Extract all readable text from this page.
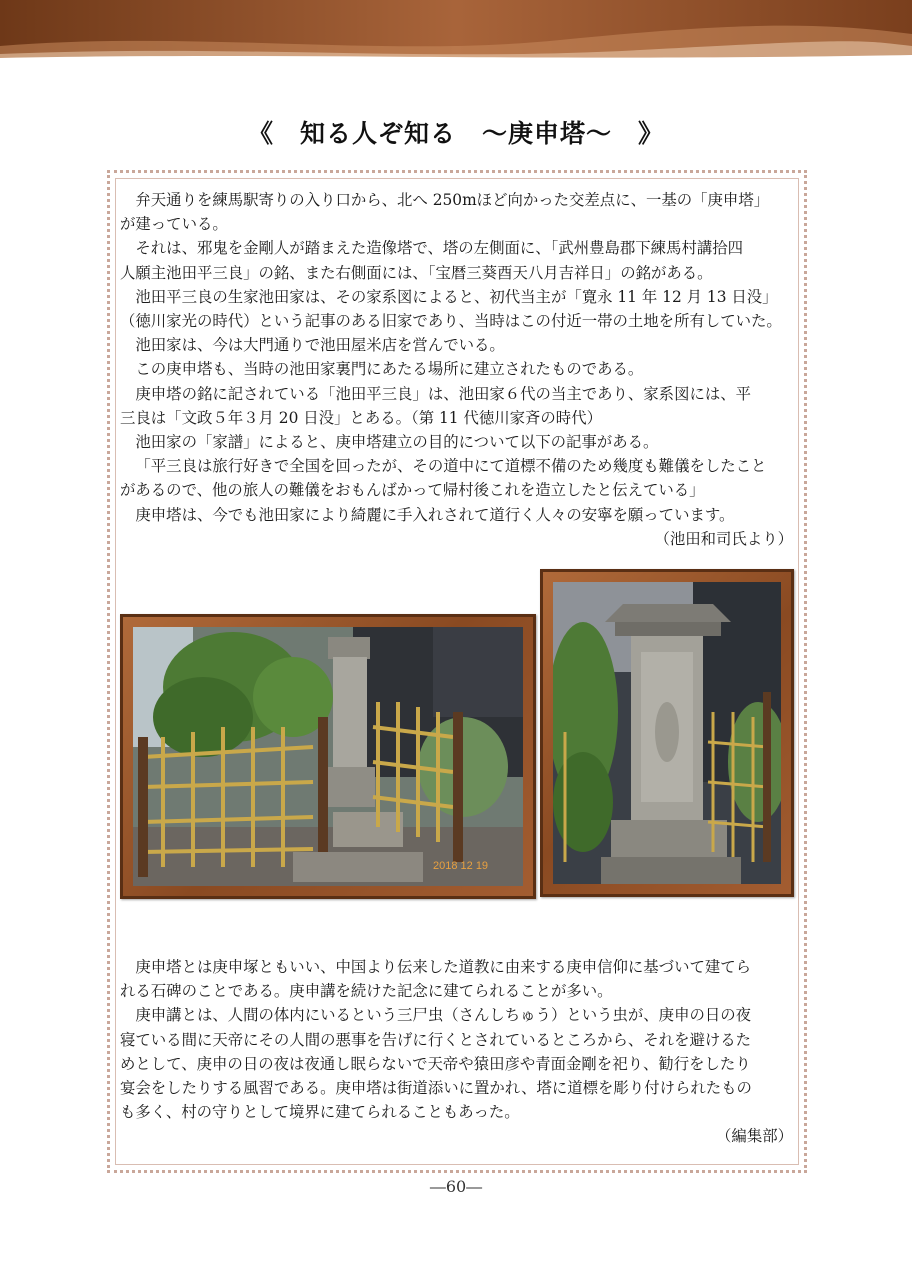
《　知る人ぞ知る　～庚申塔～　》

弁天通りを練馬駅寄りの入り口から、北へ 250mほど向かった交差点に、一基の「庚申塔」

が建っている。

それは、邪鬼を金剛人が踏まえた造像塔で、塔の左側面に、「武州豊島郡下練馬村講拾四

人願主池田平三良」の銘、また右側面には、「宝暦三葵酉天八月吉祥日」の銘がある。

池田平三良の生家池田家は、その家系図によると、初代当主が「寛永 11 年 12 月 13 日没」

（徳川家光の時代）という記事のある旧家であり、当時はこの付近一帯の土地を所有していた。

池田家は、今は大門通りで池田屋米店を営んでいる。

この庚申塔も、当時の池田家裏門にあたる場所に建立されたものである。

庚申塔の銘に記されている「池田平三良」は、池田家６代の当主であり、家系図には、平

三良は「文政５年３月 20 日没」とある。（第 11 代徳川家斉の時代）

池田家の「家譜」によると、庚申塔建立の目的について以下の記事がある。

「平三良は旅行好きで全国を回ったが、その道中にて道標不備のため幾度も難儀をしたこと

があるので、他の旅人の難儀をおもんばかって帰村後これを造立したと伝えている」

庚申塔は、今でも池田家により綺麗に手入れされて道行く人々の安寧を願っています。

（池田和司氏より）

2018 12 19

庚申塔とは庚申塚ともいい、中国より伝来した道教に由来する庚申信仰に基づいて建てら

れる石碑のことである。庚申講を続けた記念に建てられることが多い。

庚申講とは、人間の体内にいるという三尸虫（さんしちゅう）という虫が、庚申の日の夜

寝ている間に天帝にその人間の悪事を告げに行くとされているところから、それを避けるた

めとして、庚申の日の夜は夜通し眠らないで天帝や猿田彦や青面金剛を祀り、勧行をしたり

宴会をしたりする風習である。庚申塔は街道添いに置かれ、塔に道標を彫り付けられたもの

も多く、村の守りとして境界に建てられることもあった。

（編集部）

―60―
